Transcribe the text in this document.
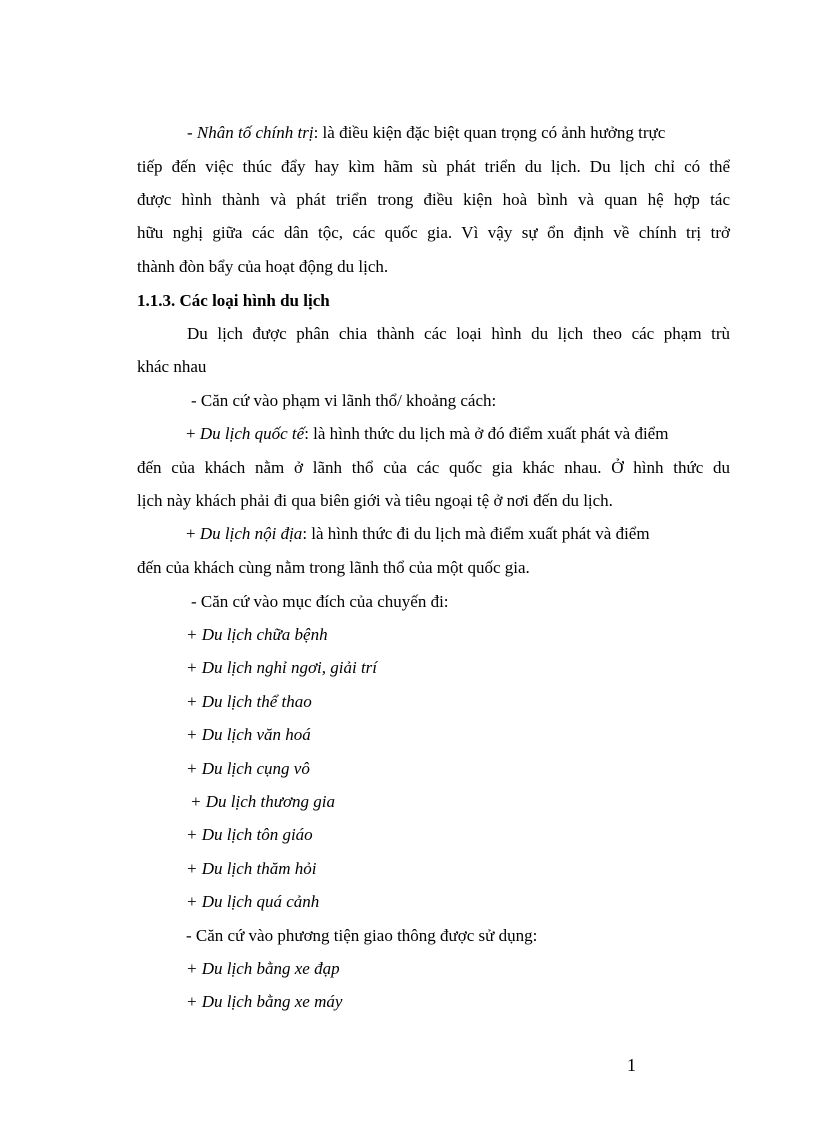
- Nhân tố chính trị: là điều kiện đặc biệt quan trọng có ảnh hưởng trực
tiếp đến việc thúc đẩy hay kìm hãm sù phát triển du lịch. Du lịch chỉ có thể
được hình thành và phát triển trong điều kiện hoà bình và quan hệ hợp tác
hữu nghị giữa các dân tộc, các quốc gia. Vì vậy sự ổn định về chính trị trở
thành đòn bẩy của hoạt động du lịch.
1.1.3. Các loại hình du lịch
Du lịch được phân chia thành các loại hình du lịch theo các phạm trù
khác nhau
- Căn cứ vào phạm vi lãnh thổ/ khoảng cách:
+ Du lịch quốc tế: là hình thức du lịch mà ở đó điểm xuất phát và điểm
đến của khách nằm ở lãnh thổ của các quốc gia khác nhau. Ở hình thức du
lịch này khách phải đi qua biên giới và tiêu ngoại tệ ở nơi đến du lịch.
+ Du lịch nội địa: là hình thức đi du lịch mà điểm xuất phát và điểm
đến của khách cùng nằm trong lãnh thổ của một quốc gia.
- Căn cứ vào mục đích của chuyến đi:
+ Du lịch chữa bệnh
+ Du lịch nghỉ ngơi, giải trí
+ Du lịch thể thao
+ Du lịch văn hoá
+ Du lịch cụng vô
+ Du lịch thương gia
+ Du lịch tôn giáo
+ Du lịch thăm hỏi
+ Du lịch quá cảnh
- Căn cứ vào phương tiện giao thông được sử dụng:
+ Du lịch bằng xe đạp
+ Du lịch bằng xe máy
1
